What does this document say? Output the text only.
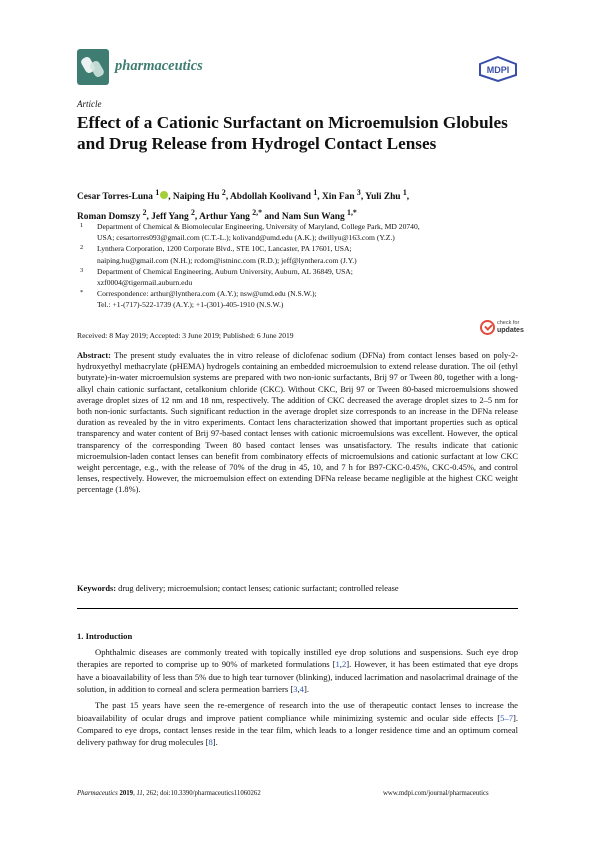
pharmaceutics	MDPI
Article
Effect of a Cationic Surfactant on Microemulsion Globules and Drug Release from Hydrogel Contact Lenses
Cesar Torres-Luna $^1$ , Naiping Hu $^2$, Abdollah Koolivand $^1$, Xin Fan $^3$, Yuli Zhu $^1$,
Roman Domszy $^2$, Jeff Yang $^2$, Arthur Yang $^{2,*}$ and Nam Sun Wang $^{1,*}$
1 Department of Chemical & Biomolecular Engineering, University of Maryland, College Park, MD 20740,
USA; cesartorres093@gmail.com (C.T.-L.); kolivand@umd.edu (A.K.); dwillyu@163.com (Y.Z.)
2 Lynthera Corporation, 1200 Corporate Blvd., STE 10C, Lancaster, PA 17601, USA;
naiping.hu@gmail.com (N.H.); rcdom@istninc.com (R.D.); jeff@lynthera.com (J.Y.)
3 Department of Chemical Engineering, Auburn University, Auburn, AL 36849, USA;
xzf0004@tigermail.auburn.edu
* Correspondence: arthur@lynthera.com (A.Y.); nsw@umd.edu (N.S.W.);
Tel.: +1-(717)-522-1739 (A.Y.); +1-(301)-405-1910 (N.S.W.)
Received: 8 May 2019; Accepted: 3 June 2019; Published: 6 June 2019
check for
updates
Abstract: The present study evaluates the in vitro release of diclofenac sodium (DFNa) from contact lenses based on poly-2-hydroxyethyl methacrylate (pHEMA) hydrogels containing an embedded microemulsion to extend release duration. The oil (ethyl butyrate)-in-water microemulsion systems are prepared with two non-ionic surfactants, Brij 97 or Tween 80, together with a long-alkyl chain cationic surfactant, cetalkonium chloride (CKC). Without CKC, Brij 97 or Tween 80-based microemulsions showed average droplet sizes of 12 nm and 18 nm, respectively. The addition of CKC decreased the average droplet sizes to 2–5 nm for both non-ionic surfactants. Such significant reduction in the average droplet size corresponds to an increase in the DFNa release duration as revealed by the in vitro experiments. Contact lens characterization showed that important properties such as optical transparency and water content of Brij 97-based contact lenses with cationic microemulsions was excellent. However, the optical transparency of the corresponding Tween 80 based contact lenses was unsatisfactory. The results indicate that cationic microemulsion-laden contact lenses can benefit from combinatory effects of microemulsions and cationic surfactant at low CKC weight percentage, e.g., with the release of 70% of the drug in 45, 10, and 7 h for B97-CKC-0.45%, CKC-0.45%, and control lenses, respectively. However, the microemulsion effect on extending DFNa release became negligible at the highest CKC weight percentage (1.8%).
Keywords: drug delivery; microemulsion; contact lenses; cationic surfactant; controlled release
1. Introduction

Ophthalmic diseases are commonly treated with topically instilled eye drop solutions and suspensions. Such eye drop therapies are reported to comprise up to 90% of marketed formulations [1,2]. However, it has been estimated that eye drops have a bioavailability of less than 5% due to high tear turnover (blinking), induced lacrimation and nasolacrimal drainage of the solution, in addition to corneal and sclera permeation barriers [3,4].

The past 15 years have seen the re-emergence of research into the use of therapeutic contact lenses to increase the bioavailability of ocular drugs and improve patient compliance while minimizing systemic and ocular side effects [5–7]. Compared to eye drops, contact lenses reside in the tear film, which leads to a longer residence time and an optimum corneal delivery pathway for drug molecules [8].

Pharmaceutics 2019, 11, 262; doi:10.3390/pharmaceutics11060262	www.mdpi.com/journal/pharmaceutics
